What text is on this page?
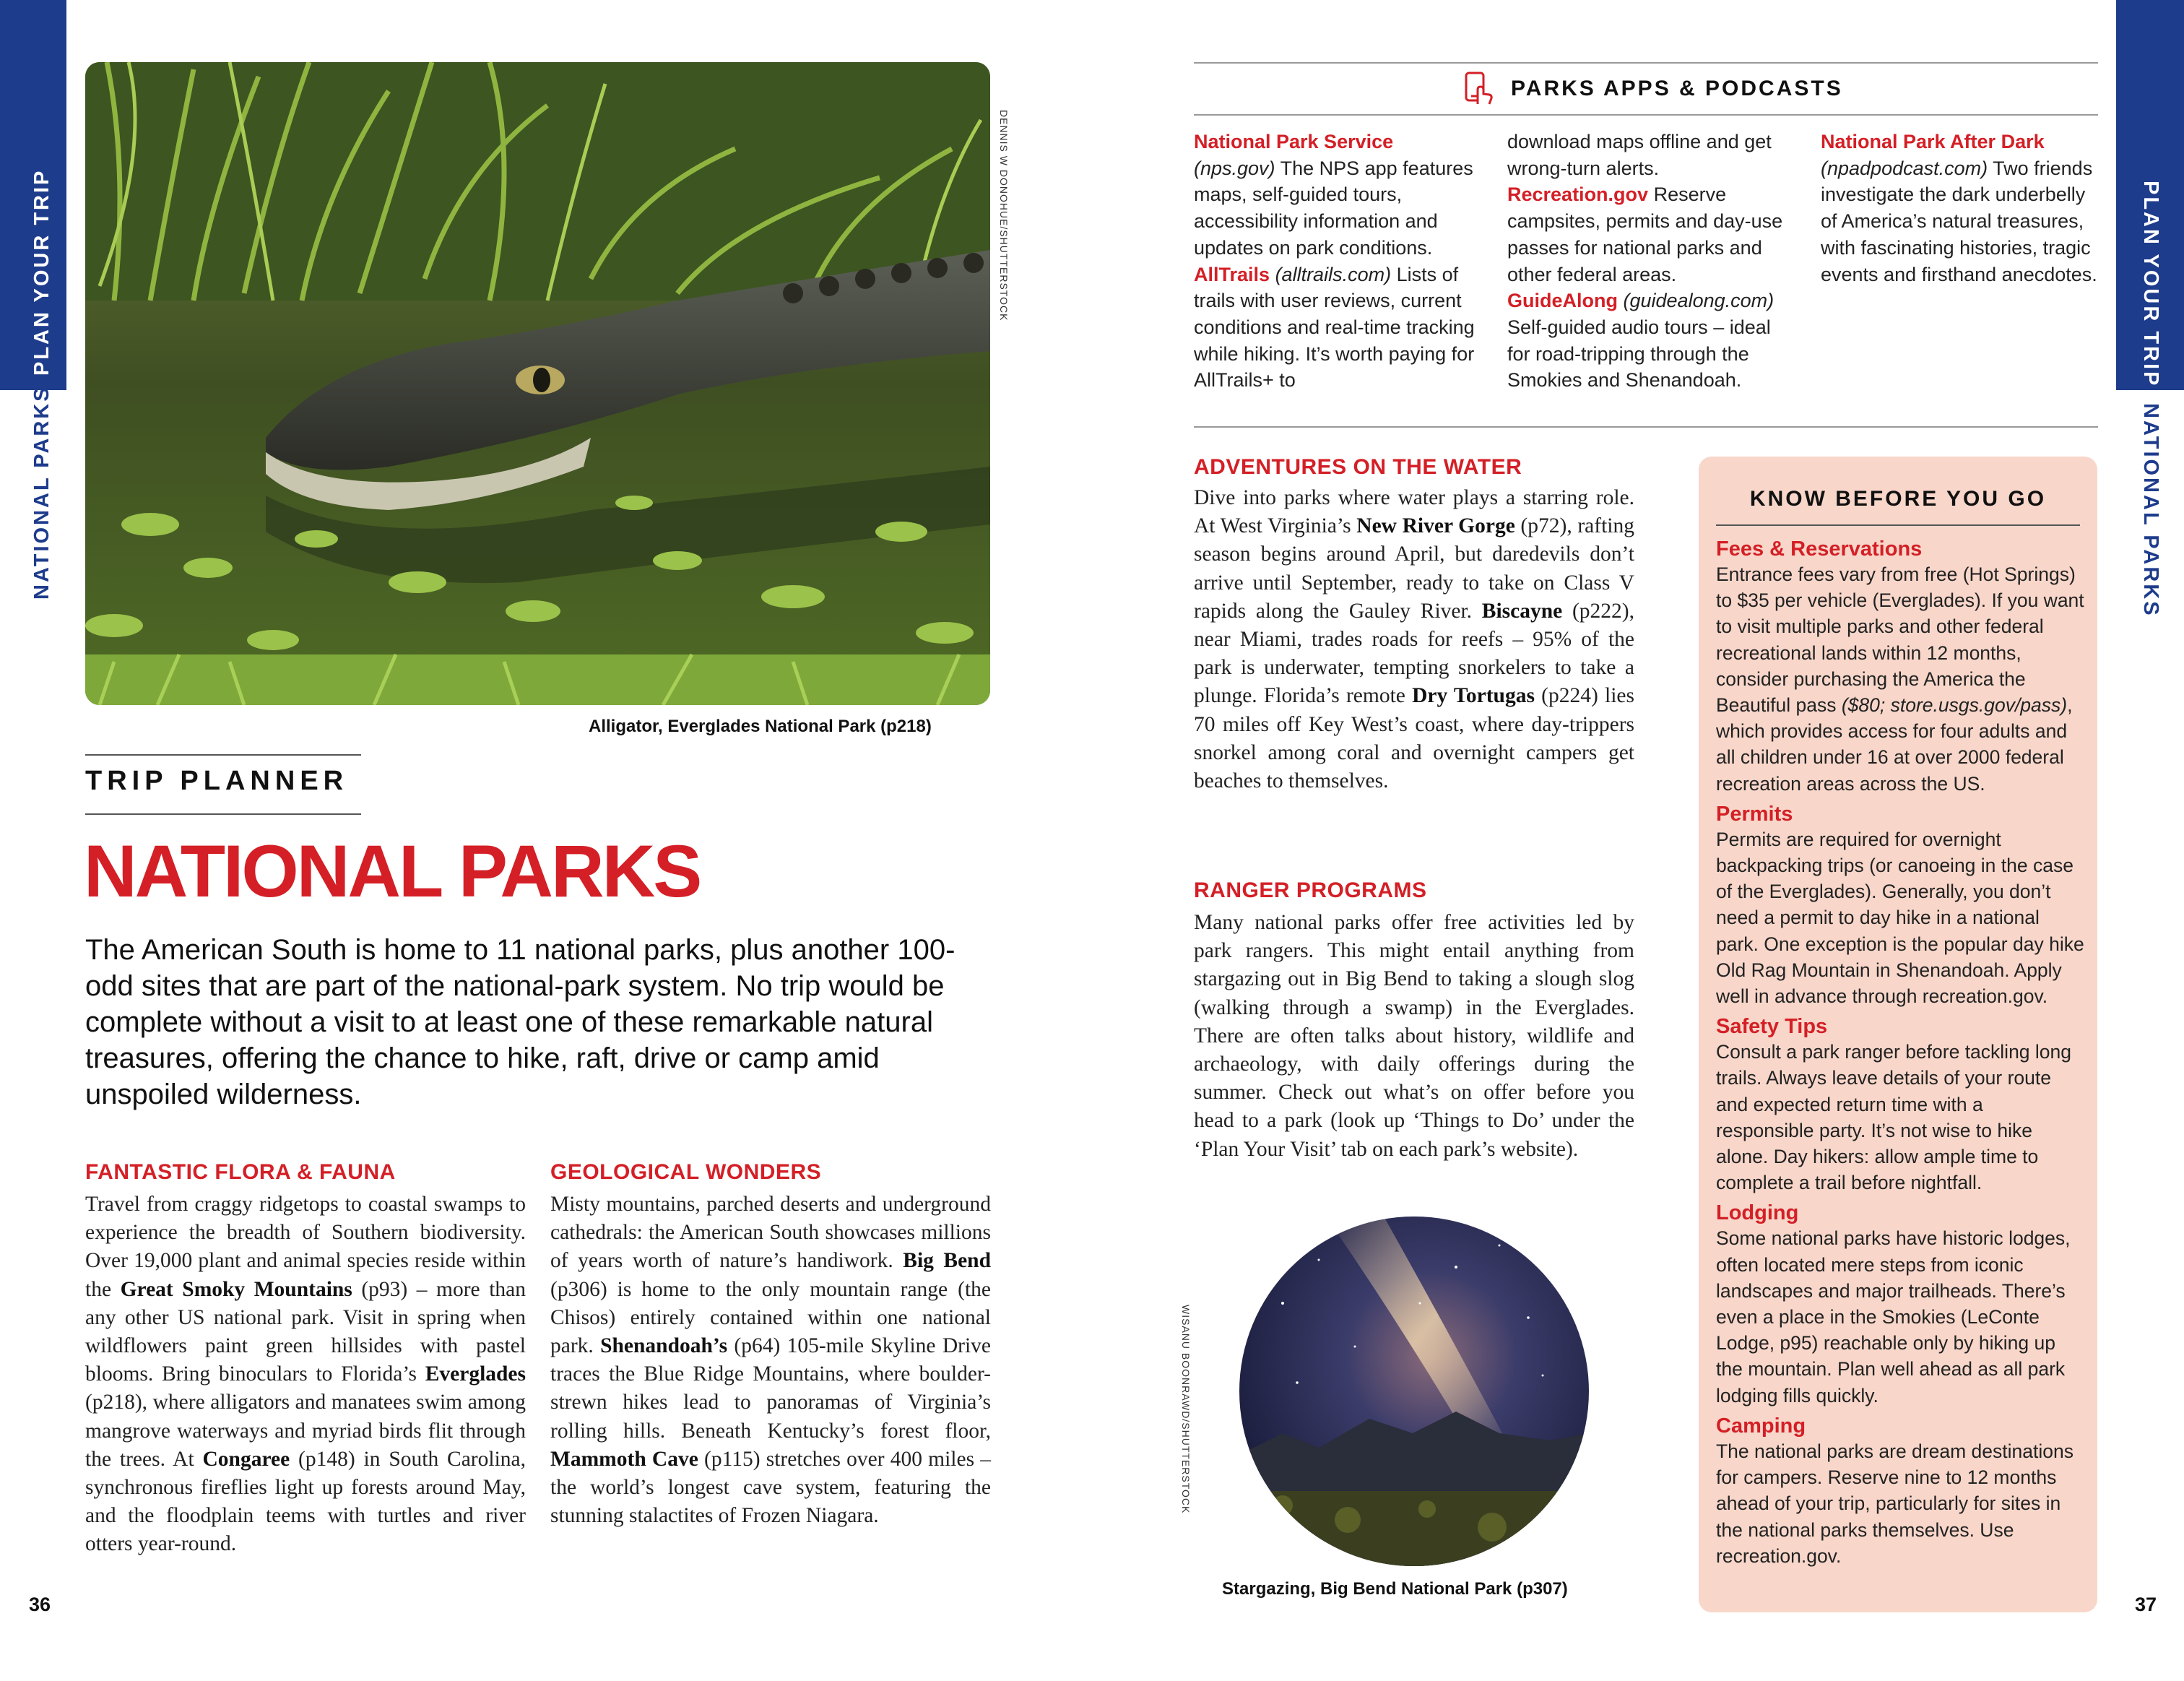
PLAN YOUR TRIP
NATIONAL PARKS
DENNIS W DONOHUE/SHUTTERSTOCK
Alligator, Everglades National Park (p218)
TRIP PLANNER
NATIONAL PARKS
The American South is home to 11 national parks, plus another 100-odd sites that are part of the national-park system. No trip would be complete without a visit to at least one of these remarkable natural treasures, offering the chance to hike, raft, drive or camp amid unspoiled wilderness.
FANTASTIC FLORA & FAUNA
Travel from craggy ridgetops to coastal swamps to experience the breadth of Southern biodiversity. Over 19,000 plant and animal species reside within the Great Smoky Mountains (p93) – more than any other US national park. Visit in spring when wildflowers paint green hillsides with pastel blooms. Bring binoculars to Florida’s Everglades (p218), where alligators and manatees swim among mangrove waterways and myriad birds flit through the trees. At Congaree (p148) in South Carolina, synchronous fireflies light up forests around May, and the floodplain teems with turtles and river otters year-round.
GEOLOGICAL WONDERS
Misty mountains, parched deserts and underground cathedrals: the American South showcases millions of years worth of nature’s handiwork. Big Bend (p306) is home to the only mountain range (the Chisos) entirely contained within one national park. Shenandoah’s (p64) 105-mile Skyline Drive traces the Blue Ridge Mountains, where boulder-strewn hikes lead to panoramas of Virginia’s rolling hills. Beneath Kentucky’s forest floor, Mammoth Cave (p115) stretches over 400 miles – the world’s longest cave system, featuring the stunning stalactites of Frozen Niagara.
36
PLAN YOUR TRIP
NATIONAL PARKS
PARKS APPS & PODCASTS
National Park Service (nps.gov) The NPS app features maps, self-guided tours, accessibility information and updates on park conditions.
AllTrails (alltrails.com) Lists of trails with user reviews, current conditions and real-time tracking while hiking. It’s worth paying for AllTrails+ to
download maps offline and get wrong-turn alerts.
Recreation.gov Reserve campsites, permits and day-use passes for national parks and other federal areas.
GuideAlong (guidealong.com) Self-guided audio tours – ideal for road-tripping through the Smokies and Shenandoah.
National Park After Dark
(npadpodcast.com) Two friends investigate the dark underbelly of America’s natural treasures, with fascinating histories, tragic events and firsthand anecdotes.
ADVENTURES ON THE WATER
Dive into parks where water plays a starring role. At West Virginia’s New River Gorge (p72), rafting season begins around April, but daredevils don’t arrive until September, ready to take on Class V rapids along the Gauley River. Biscayne (p222), near Miami, trades roads for reefs – 95% of the park is underwater, tempting snorkelers to take a plunge. Florida’s remote Dry Tortugas (p224) lies 70 miles off Key West’s coast, where day-trippers snorkel among coral and overnight campers get beaches to themselves.
RANGER PROGRAMS
Many national parks offer free activities led by park rangers. This might entail anything from stargazing out in Big Bend to taking a slough slog (walking through a swamp) in the Everglades. There are often talks about history, wildlife and archaeology, with daily offerings during the summer. Check out what’s on offer before you head to a park (look up ‘Things to Do’ under the ‘Plan Your Visit’ tab on each park’s website).
WISANU BOONRAWD/SHUTTERSTOCK
Stargazing, Big Bend National Park (p307)
37
KNOW BEFORE YOU GO
Fees & Reservations
Entrance fees vary from free (Hot Springs) to $35 per vehicle (Everglades). If you want to visit multiple parks and other federal recreational lands within 12 months, consider purchasing the America the Beautiful pass ($80; store.usgs.gov/pass), which provides access for four adults and all children under 16 at over 2000 federal recreation areas across the US.
Permits
Permits are required for overnight backpacking trips (or canoeing in the case of the Everglades). Generally, you don’t need a permit to day hike in a national park. One exception is the popular day hike Old Rag Mountain in Shenandoah. Apply well in advance through recreation.gov.
Safety Tips
Consult a park ranger before tackling long trails. Always leave details of your route and expected return time with a responsible party. It’s not wise to hike alone. Day hikers: allow ample time to complete a trail before nightfall.
Lodging
Some national parks have historic lodges, often located mere steps from iconic landscapes and major trailheads. There’s even a place in the Smokies (LeConte Lodge, p95) reachable only by hiking up the mountain. Plan well ahead as all park lodging fills quickly.
Camping
The national parks are dream destinations for campers. Reserve nine to 12 months ahead of your trip, particularly for sites in the national parks themselves. Use recreation.gov.
